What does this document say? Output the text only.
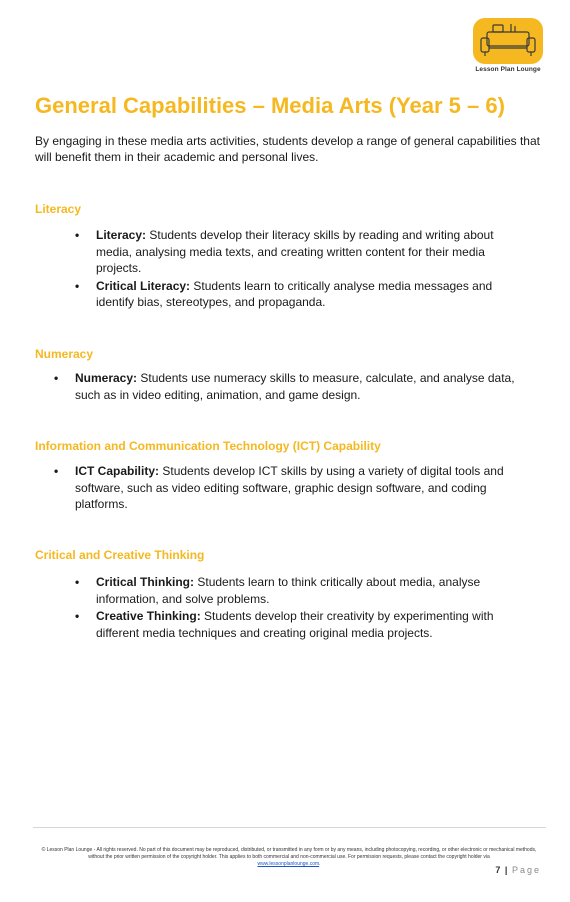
Lesson Plan Lounge
General Capabilities – Media Arts (Year 5 – 6)

By engaging in these media arts activities, students develop a range of general capabilities that will benefit them in their academic and personal lives.

Literacy
• Literacy: Students develop their literacy skills by reading and writing about media, analysing media texts, and creating written content for their media projects.
• Critical Literacy: Students learn to critically analyse media messages and identify bias, stereotypes, and propaganda.
Numeracy
• Numeracy: Students use numeracy skills to measure, calculate, and analyse data, such as in video editing, animation, and game design.
Information and Communication Technology (ICT) Capability
• ICT Capability: Students develop ICT skills by using a variety of digital tools and software, such as video editing software, graphic design software, and coding platforms.
Critical and Creative Thinking
• Critical Thinking: Students learn to think critically about media, analyse information, and solve problems.
• Creative Thinking: Students develop their creativity by experimenting with different media techniques and creating original media projects.
© Lesson Plan Lounge - All rights reserved. No part of this document may be reproduced, distributed, or transmitted in any form or by any means, including photocopying, recording, or other electronic or mechanical methods, without the prior written permission of the copyright holder. This applies to both commercial and non-commercial use. For permission requests, please contact the copyright holder via
www.lessonplanlounge.com.
7 | Page
